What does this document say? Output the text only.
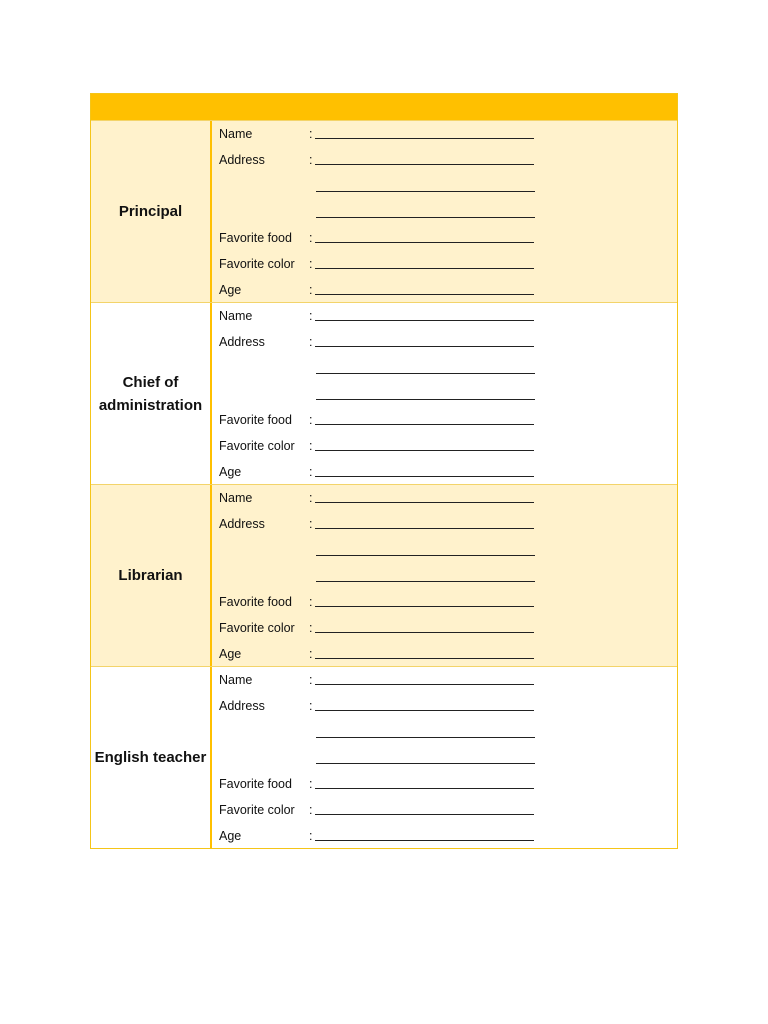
Principal
Name	:
Address	:
Favorite food	:
Favorite color	:
Age	:
Chief of administration
Name	:
Address	:
Favorite food	:
Favorite color	:
Age	:
Librarian
Name	:
Address	:
Favorite food	:
Favorite color	:
Age	:
English teacher
Name	:
Address	:
Favorite food	:
Favorite color	:
Age	:
